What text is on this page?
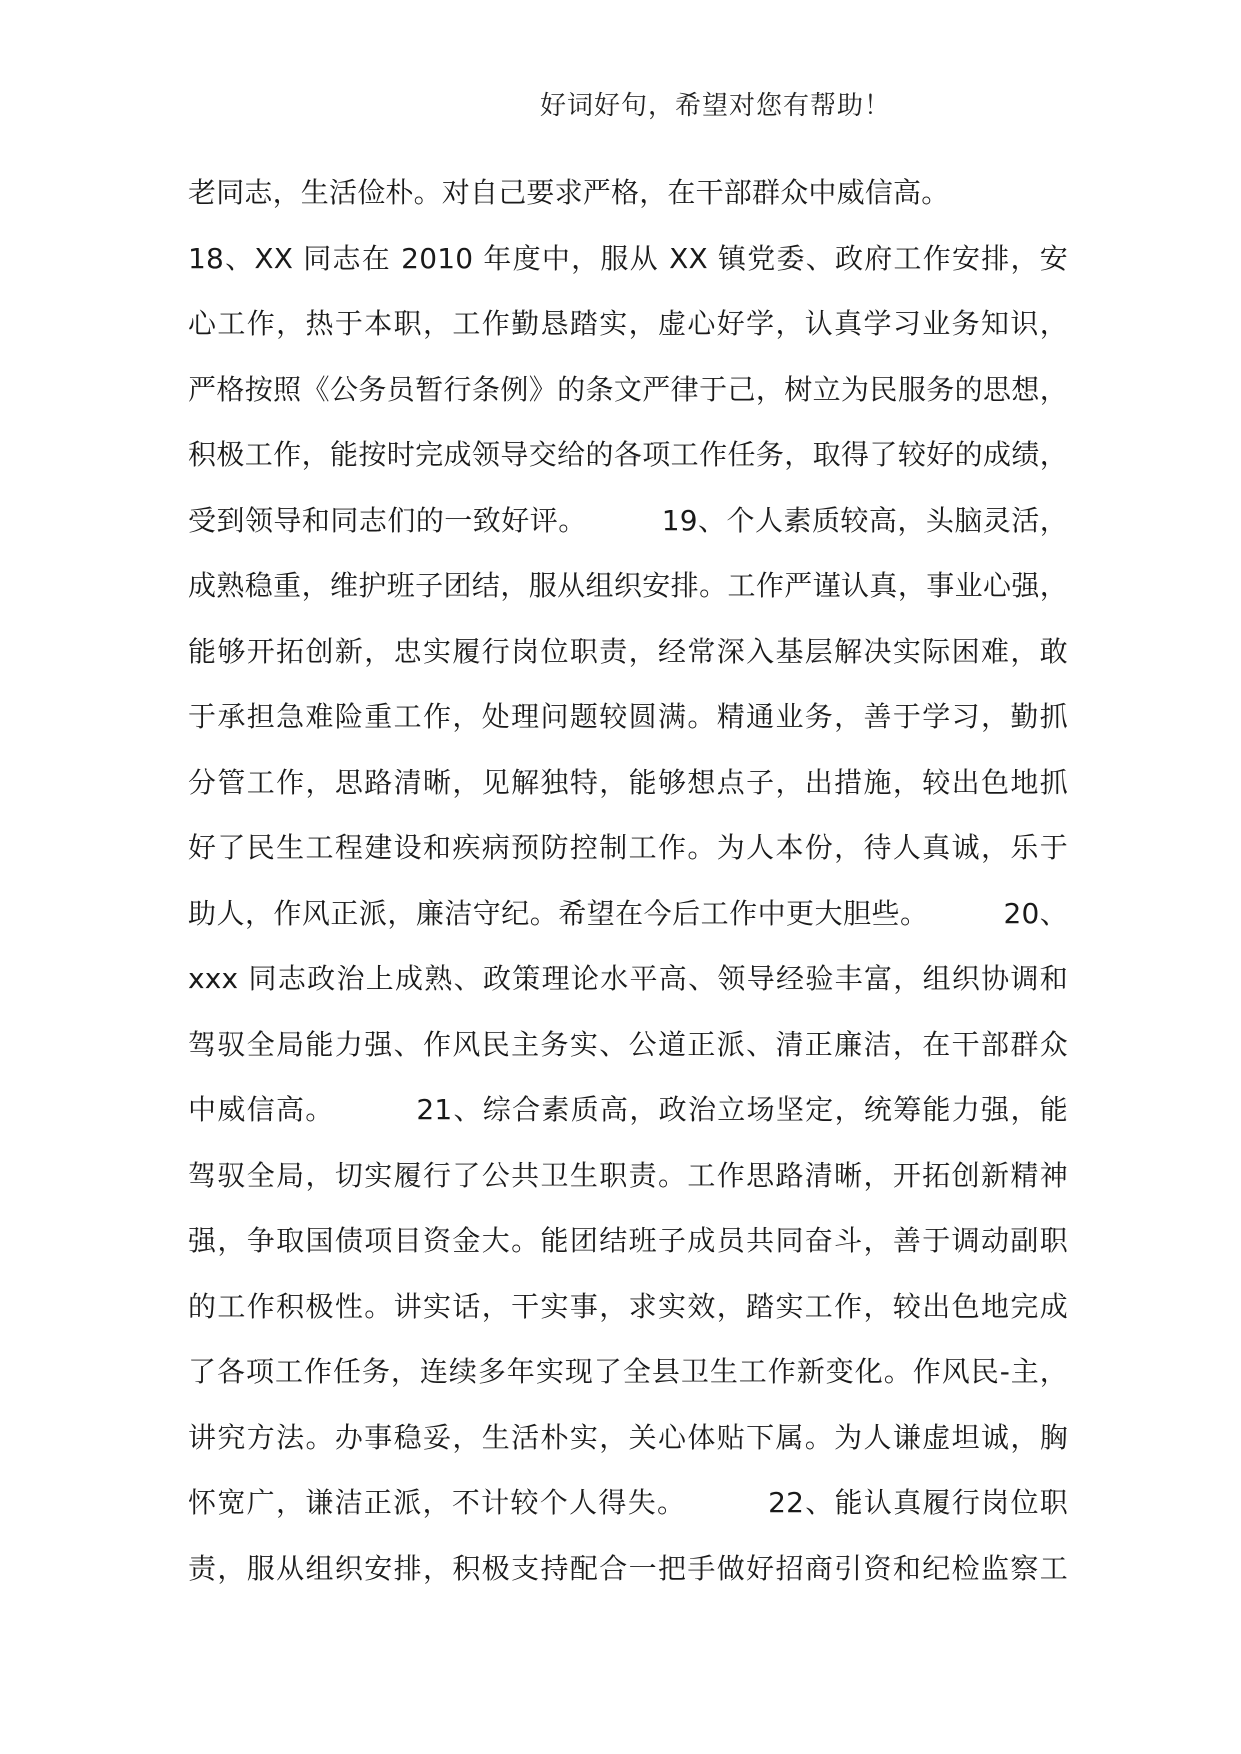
好词好句，希望对您有帮助！
老同志，生活俭朴。对自己要求严格，在干部群众中威信高。
18、XX 同志在 2010 年度中，服从 XX 镇党委、政府工作安排，安
心工作，热于本职，工作勤恳踏实，虚心好学，认真学习业务知识，
严格按照《公务员暂行条例》的条文严律于己，树立为民服务的思想，
积极工作，能按时完成领导交给的各项工作任务，取得了较好的成绩，
受到领导和同志们的一致好评。        19、个人素质较高，头脑灵活，
成熟稳重，维护班子团结，服从组织安排。工作严谨认真，事业心强，
能够开拓创新，忠实履行岗位职责，经常深入基层解决实际困难，敢
于承担急难险重工作，处理问题较圆满。精通业务，善于学习，勤抓
分管工作，思路清晰，见解独特，能够想点子，出措施，较出色地抓
好了民生工程建设和疾病预防控制工作。为人本份，待人真诚，乐于
助人，作风正派，廉洁守纪。希望在今后工作中更大胆些。        20、
xxx 同志政治上成熟、政策理论水平高、领导经验丰富，组织协调和
驾驭全局能力强、作风民主务实、公道正派、清正廉洁，在干部群众
中威信高。        21、综合素质高，政治立场坚定，统筹能力强，能
驾驭全局，切实履行了公共卫生职责。工作思路清晰，开拓创新精神
强，争取国债项目资金大。能团结班子成员共同奋斗，善于调动副职
的工作积极性。讲实话，干实事，求实效，踏实工作，较出色地完成
了各项工作任务，连续多年实现了全县卫生工作新变化。作风民-主，
讲究方法。办事稳妥，生活朴实，关心体贴下属。为人谦虚坦诚，胸
怀宽广，谦洁正派，不计较个人得失。        22、能认真履行岗位职
责，服从组织安排，积极支持配合一把手做好招商引资和纪检监察工
